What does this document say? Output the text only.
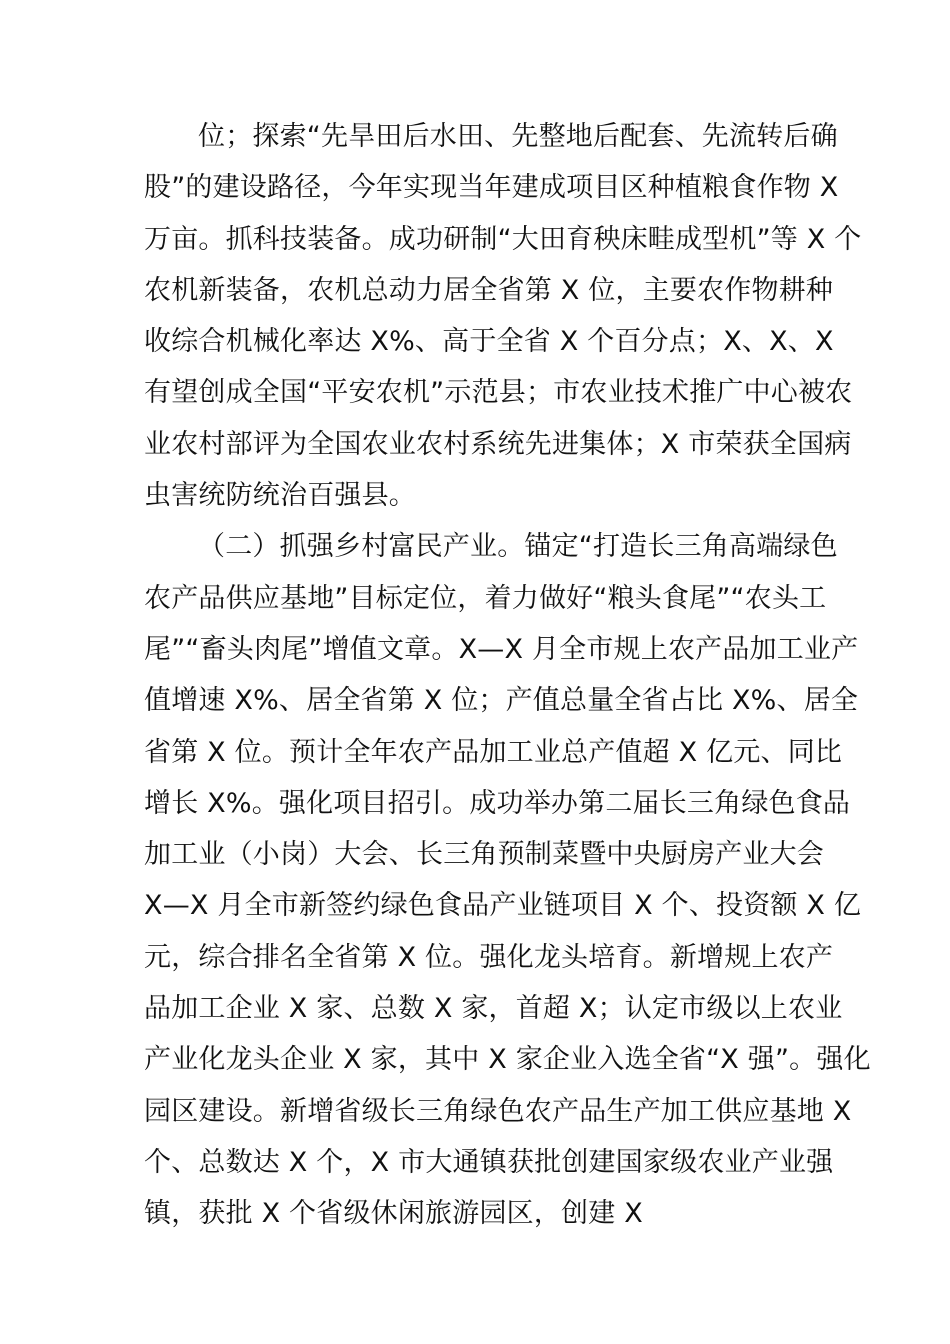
位；探索“先旱田后水田、先整地后配套、先流转后确
股”的建设路径，今年实现当年建成项目区种植粮食作物 X
万亩。抓科技装备。成功研制“大田育秧床畦成型机”等 X 个
农机新装备，农机总动力居全省第 X 位，主要农作物耕种
收综合机械化率达 X%、高于全省 X 个百分点；X、X、X
有望创成全国“平安农机”示范县；市农业技术推广中心被农
业农村部评为全国农业农村系统先进集体；X 市荣获全国病
虫害统防统治百强县。
（二）抓强乡村富民产业。锚定“打造长三角高端绿色
农产品供应基地”目标定位，着力做好“粮头食尾”“农头工
尾”“畜头肉尾”增值文章。X—X 月全市规上农产品加工业产
值增速 X%、居全省第 X 位；产值总量全省占比 X%、居全
省第 X 位。预计全年农产品加工业总产值超 X 亿元、同比
增长 X%。强化项目招引。成功举办第二届长三角绿色食品
加工业（小岗）大会、长三角预制菜暨中央厨房产业大会
X—X 月全市新签约绿色食品产业链项目 X 个、投资额 X 亿
元，综合排名全省第 X 位。强化龙头培育。新增规上农产
品加工企业 X 家、总数 X 家，首超 X；认定市级以上农业
产业化龙头企业 X 家，其中 X 家企业入选全省“X 强”。强化
园区建设。新增省级长三角绿色农产品生产加工供应基地 X
个、总数达 X 个，X 市大通镇获批创建国家级农业产业强
镇，获批 X 个省级休闲旅游园区，创建 X
